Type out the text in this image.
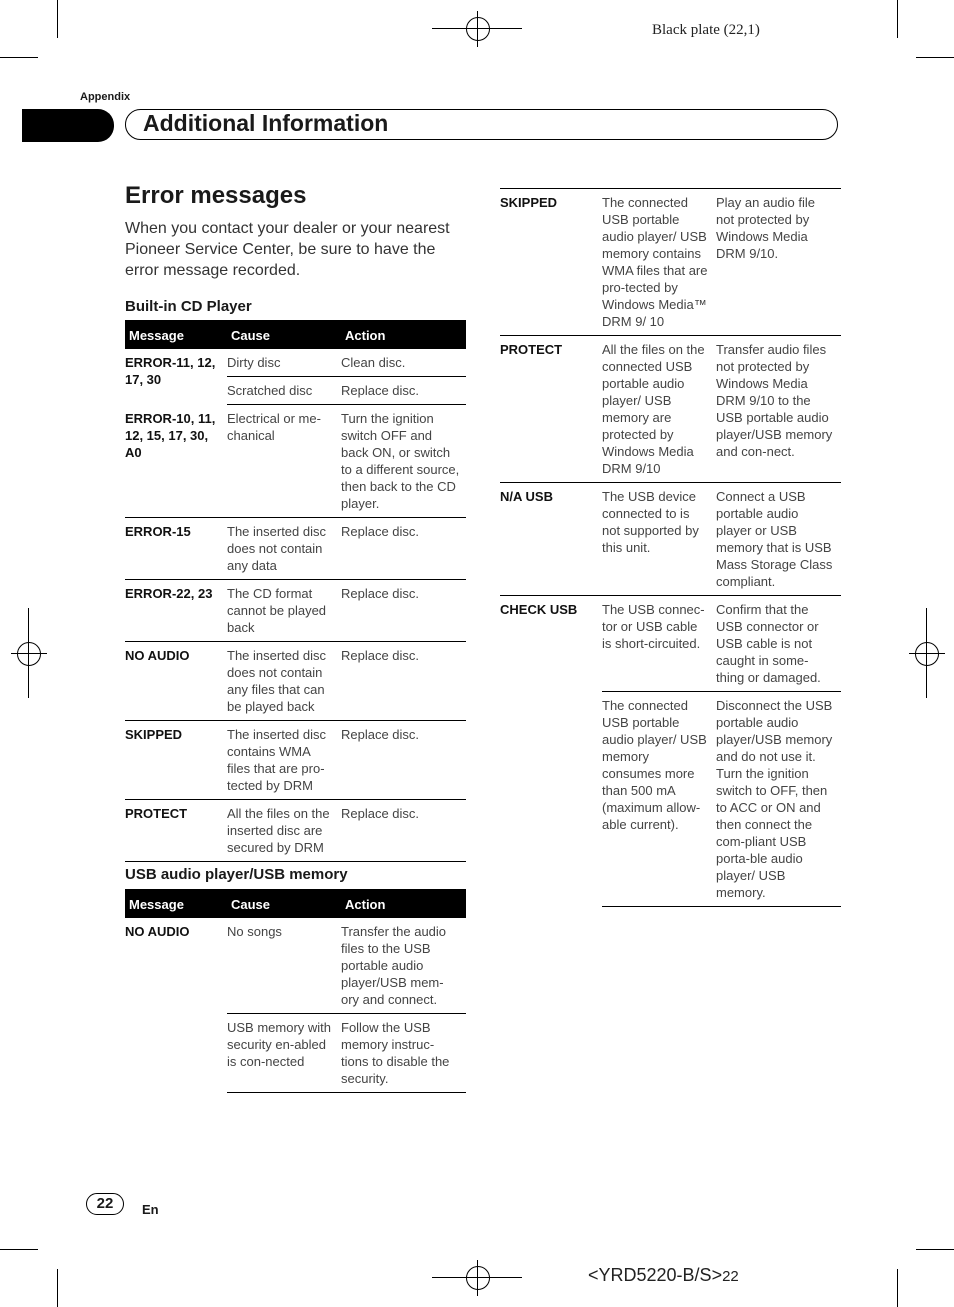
Black plate (22,1)
Appendix
Additional Information
Error messages
When you contact your dealer or your nearest Pioneer Service Center, be sure to have the error message recorded.
Built-in CD Player
Message	Cause	Action
ERROR-11, 12, 17, 30	Dirty disc	Clean disc.
	Scratched disc	Replace disc.
ERROR-10, 11, 12, 15, 17, 30, A0	Electrical or me-chanical	Turn the ignition switch OFF and back ON, or switch to a different source, then back to the CD player.
ERROR-15	The inserted disc does not contain any data	Replace disc.
ERROR-22, 23	The CD format cannot be played back	Replace disc.
NO AUDIO	The inserted disc does not contain any files that can be played back	Replace disc.
SKIPPED	The inserted disc contains WMA files that are pro-tected by DRM	Replace disc.
PROTECT	All the files on the inserted disc are secured by DRM	Replace disc.
USB audio player/USB memory
Message	Cause	Action
NO AUDIO	No songs	Transfer the audio files to the USB portable audio player/USB mem-ory and connect.
	USB memory with security en-abled is con-nected	Follow the USB memory instruc-tions to disable the security.
SKIPPED	The connected USB portable audio player/ USB memory contains WMA files that are pro-tected by Windows Media™ DRM 9/ 10	Play an audio file not protected by Windows Media DRM 9/10.
PROTECT	All the files on the connected USB portable audio player/ USB memory are protected by Windows Media DRM 9/10	Transfer audio files not protected by Windows Media DRM 9/10 to the USB portable audio player/USB memory and con-nect.
N/A USB	The USB device connected to is not supported by this unit.	Connect a USB portable audio player or USB memory that is USB Mass Storage Class compliant.
CHECK USB	The USB connec-tor or USB cable is short-circuited.	Confirm that the USB connector or USB cable is not caught in some-thing or damaged.
	The connected USB portable audio player/ USB memory consumes more than 500 mA (maximum allow-able current).	Disconnect the USB portable audio player/USB memory and do not use it. Turn the ignition switch to OFF, then to ACC or ON and then connect the com-pliant USB porta-ble audio player/ USB memory.
22	En
<YRD5220-B/S>22
